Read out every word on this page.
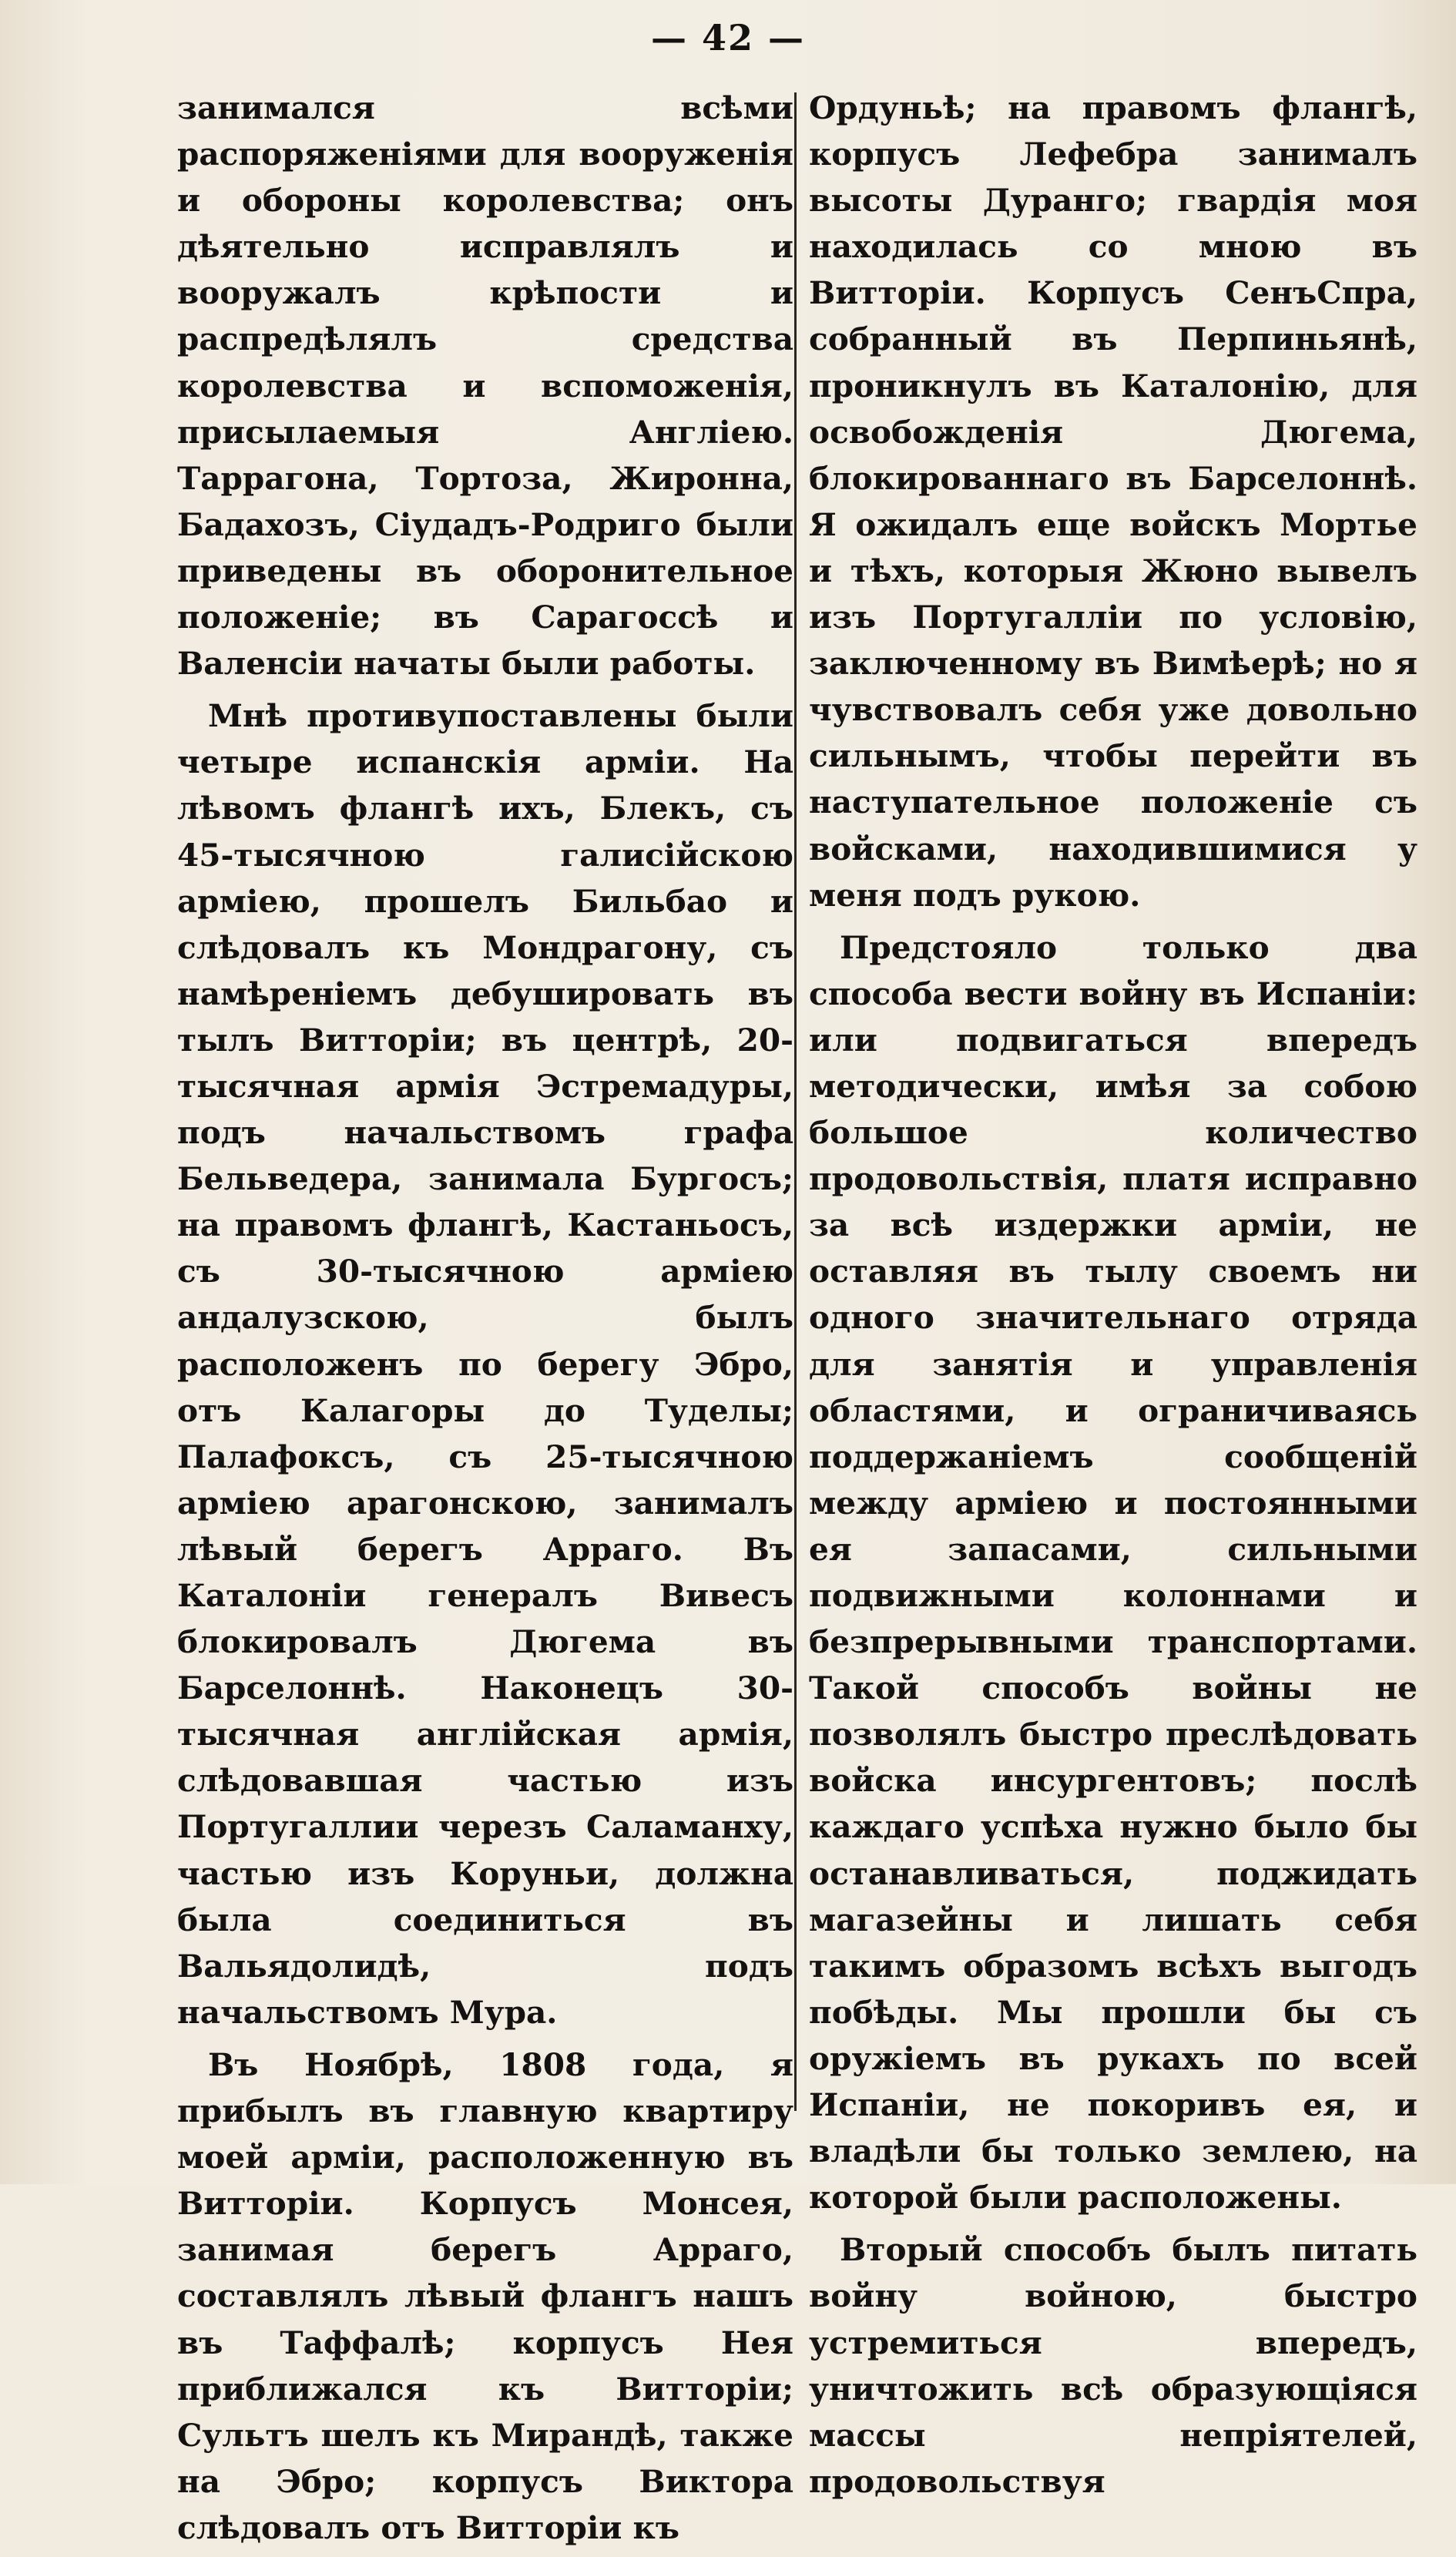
— 42 —

занимался всѣми распоряженіями для вооруженія и обороны королевства; онъ дѣятельно исправлялъ и вооружалъ крѣпости и распредѣлялъ средства королевства и вспоможенія, присылаемыя Англіею. Таррагона, Тортоза, Жиронна, Бадахозъ, Сіудадъ-Родриго были приведены въ оборонительное положеніе; въ Сарагоссѣ и Валенсіи начаты были работы.

Мнѣ противупоставлены были четыре испанскія арміи. На лѣвомъ флангѣ ихъ, Блекъ, съ 45-тысячною галисійскою арміею, прошелъ Бильбао и слѣдовалъ къ Мондрагону, съ намѣреніемъ дебушировать въ тылъ Витторіи; въ центрѣ, 20-тысячная армія Эстремадуры, подъ начальствомъ графа Бельведера, занимала Бургосъ; на правомъ флангѣ, Кастаньосъ, съ 30-тысячною арміею андалузскою, былъ расположенъ по берегу Эбро, отъ Калагоры до Туделы; Палафоксъ, съ 25-тысячною арміею арагонскою, занималъ лѣвый берегъ Арраго. Въ Каталоніи генералъ Вивесъ блокировалъ Дюгема въ Барселоннѣ. Наконецъ 30-тысячная англійская армія, слѣдовавшая частью изъ Португаллии черезъ Саламанху, частью изъ Коруньи, должна была соединиться въ Вальядолидѣ, подъ начальствомъ Мура.

Въ Ноябрѣ, 1808 года, я прибылъ въ главную квартиру моей арміи, расположенную въ Витторіи. Корпусъ Монсея, занимая берегъ Арраго, составлялъ лѣвый флангъ нашъ въ Таффалѣ; корпусъ Нея приближался къ Витторіи; Сультъ шелъ къ Мирандѣ, также на Эбро; корпусъ Виктора слѣдовалъ отъ Витторіи къ

Ордуньѣ; на правомъ флангѣ, корпусъ Лефебра занималъ высоты Дуранго; гвардія моя находилась со мною въ Витторіи. Корпусъ СенъСпра, собранный въ Перпиньянѣ, проникнулъ въ Каталонію, для освобожденія Дюгема, блокированнаго въ Барселоннѣ. Я ожидалъ еще войскъ Мортье и тѣхъ, которыя Жюно вывелъ изъ Португалліи по условію, заключенному въ Вимѣерѣ; но я чувствовалъ себя уже довольно сильнымъ, чтобы перейти въ наступательное положеніе съ войсками, находившимися у меня подъ рукою.

Предстояло только два способа вести войну въ Испаніи: или подвигаться впередъ методически, имѣя за собою большое количество продовольствія, платя исправно за всѣ издержки арміи, не оставляя въ тылу своемъ ни одного значительнаго отряда для занятія и управленія областями, и ограничиваясь поддержаніемъ сообщеній между арміею и постоянными ея запасами, сильными подвижными колоннами и безпрерывными транспортами. Такой способъ войны не позволялъ быстро преслѣдовать войска инсургентовъ; послѣ каждаго успѣха нужно было бы останавливаться, поджидать магазейны и лишать себя такимъ образомъ всѣхъ выгодъ побѣды. Мы прошли бы съ оружіемъ въ рукахъ по всей Испаніи, не покоривъ ея, и владѣли бы только землею, на которой были расположены.

Вторый способъ былъ питать войну войною, быстро устремиться впередъ, уничтожить всѣ образующіяся массы непріятелей, продовольствуя
